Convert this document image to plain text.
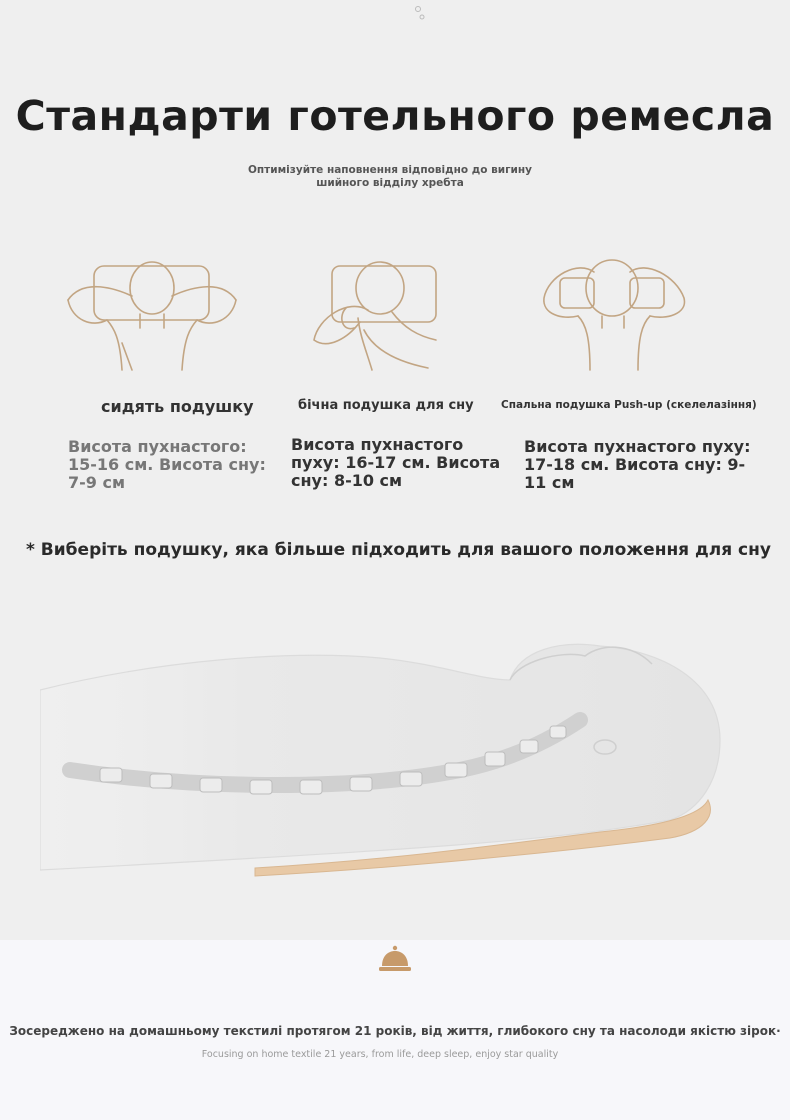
Стандарти готельного ремесла
Оптимізуйте наповнення відповідно до вигину шийного відділу хребта
сидять подушку	бічна подушка для сну	Спальна подушка Push-up (скелелазіння)
Висота пухнастого: 15-16 см. Висота сну: 7-9 см
Висота пухнастого пуху: 16-17 см. Висота сну: 8-10 см
Висота пухнастого пуху: 17-18 см. Висота сну: 9-11 см
* Виберіть подушку, яка більше підходить для вашого положення для сну
Зосереджено на домашньому текстилі протягом 21 років, від життя, глибокого сну та насолоди якістю зірок·
Focusing on home textile 21 years, from life, deep sleep, enjoy star quality
